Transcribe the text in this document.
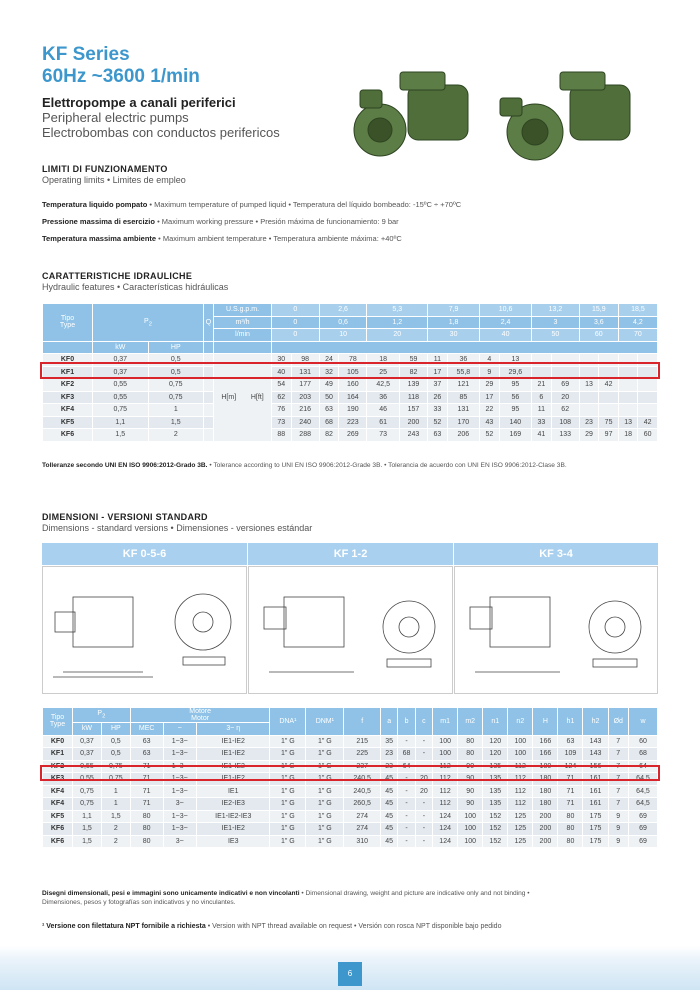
KF Series
60Hz ~3600 1/min
Elettropompe a canali periferici
Peripheral electric pumps
Electrobombas con conductos perifericos
LIMITI DI FUNZIONAMENTO
Operating limits • Limites de empleo
Temperatura liquido pompato • Maximum temperature of pumped liquid • Temperatura del líquido bombeado: -15ºC ÷ +70ºC
Pressione massima di esercizio • Maximum working pressure • Presión máxima de funcionamiento: 9 bar
Temperatura massima ambiente • Maximum ambient temperature • Temperatura ambiente máxima: +40ºC
CARATTERISTICHE IDRAULICHE
Hydraulic features • Características hidráulicas
Tipo
Type	$P_2$		Q	U.S.g.p.m.	0		2,6		5,3		7,9		10,6		13,2		15,9		18,5	
				m³/h	0		0,6		1,2		1,8		2,4		3		3,6		4,2	
				l/min	0		10		20		30		40		50		60		70	
	kW	HP																		
KF0	0,37	0,5		H[m] H[ft]	30	98	24	78	18	59	11	36	4	13						
KF1	0,37	0,5			40	131	32	105	25	82	17	55,8	9	29,6						
KF2	0,55	0,75			54	177	49	160	42,5	139	37	121	29	95	21	69	13	42		
KF3	0,55	0,75			62	203	50	164	36	118	26	85	17	56	6	20				
KF4	0,75	1			76	216	63	190	46	157	33	131	22	95	11	62				
KF5	1,1	1,5			73	240	68	223	61	200	52	170	43	140	33	108	23	75	13	42
KF6	1,5	2			88	288	82	269	73	243	63	206	52	169	41	133	29	97	18	60
Tolleranze secondo UNI EN ISO 9906:2012-Grado 3B. • Tolerance according to UNI EN ISO 9906:2012-Grade 3B. • Tolerancia de acuerdo con UNI EN ISO 9906:2012-Clase 3B.
DIMENSIONI - VERSIONI STANDARD
Dimensions - standard versions • Dimensiones - versiones estándar
KF 0-5-6	KF 1-2	KF 3-4
Tipo
Type	$P_2$		Motore
Motor			DNA¹	DNM¹	f	a	b	c	m1	m2	n1	n2	H	h1	h2	Ød	w
	kW	HP	MEC	~	3~ η															
KF0	0,37	0,5	63	1~3~	IE1-IE2	1" G	1" G	215	35	-	-	100	80	120	100	166	63	143	7	60
KF1	0,37	0,5	63	1~3~	IE1-IE2	1" G	1" G	225	23	68	-	100	80	120	100	166	109	143	7	68
KF2	0,55	0,75	71	1~3~	IE1-IE2	1" G	1" G	237	23	64	-	112	90	135	112	180	124	156	7	64
KF3	0,55	0,75	71	1~3~	IE1-IE2	1" G	1" G	240,5	45	-	20	112	90	135	112	180	71	161	7	64,5
KF4	0,75	1	71	1~3~	IE1	1" G	1" G	240,5	45	-	20	112	90	135	112	180	71	161	7	64,5
KF4	0,75	1	71	3~	IE2-IE3	1" G	1" G	260,5	45	-	-	112	90	135	112	180	71	161	7	64,5
KF5	1,1	1,5	80	1~3~	IE1-IE2-IE3	1" G	1" G	274	45	-	-	124	100	152	125	200	80	175	9	69
KF6	1,5	2	80	1~3~	IE1-IE2	1" G	1" G	274	45	-	-	124	100	152	125	200	80	175	9	69
KF6	1,5	2	80	3~	IE3	1" G	1" G	310	45	-	-	124	100	152	125	200	80	175	9	69
Disegni dimensionali, pesi e immagini sono unicamente indicativi e non vincolanti • Dimensional drawing, weight and picture are indicative only and not binding •
Dimensiones, pesos y fotografías son indicativos y no vinculantes.
¹ Versione con filettatura NPT fornibile a richiesta • Version with NPT thread available on request • Versión con rosca NPT disponible bajo pedido
6
